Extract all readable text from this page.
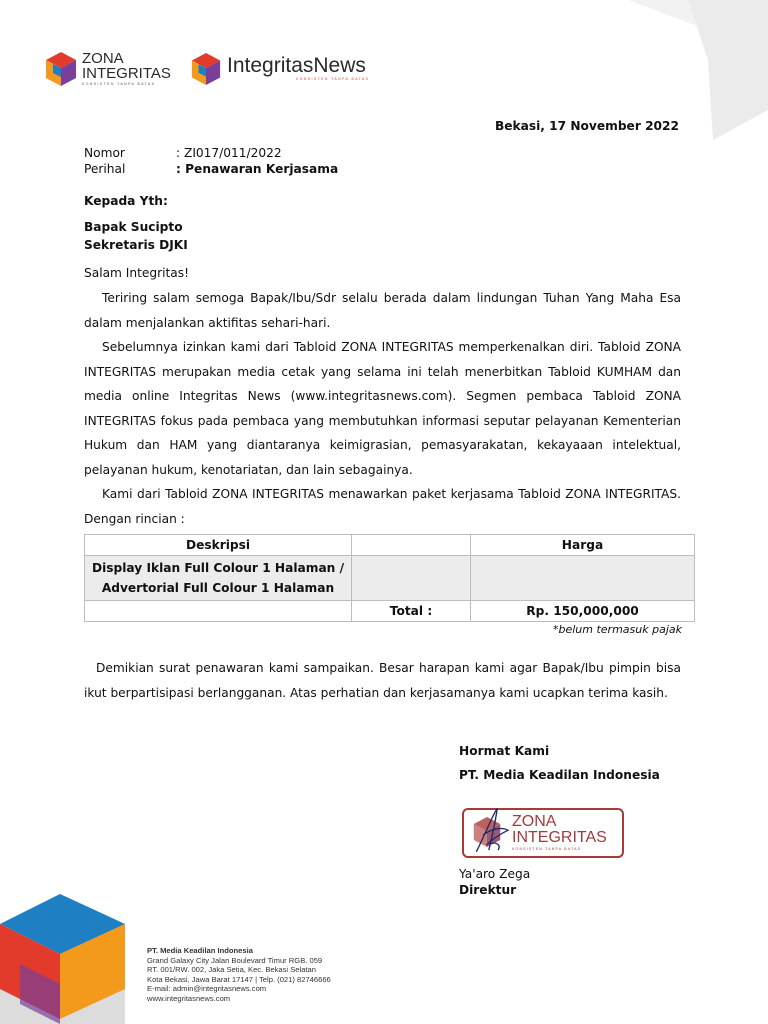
ZONA
INTEGRITAS
KONSISTEN TANPA BATAS
IntegritasNews
KONSISTEN TANPA BATAS
Bekasi, 17 November 2022
Nomor	: ZI017/011/2022
Perihal	: Penawaran Kerjasama
Kepada Yth:
Bapak Sucipto
Sekretaris DJKI
Salam Integritas!
Teriring salam semoga Bapak/Ibu/Sdr selalu berada dalam lindungan Tuhan Yang Maha Esa dalam menjalankan aktifitas sehari-hari.
Sebelumnya izinkan kami dari Tabloid ZONA INTEGRITAS memperkenalkan diri. Tabloid ZONA INTEGRITAS merupakan media cetak yang selama ini telah menerbitkan Tabloid KUMHAM dan media online Integritas News (www.integritasnews.com). Segmen pembaca Tabloid ZONA INTEGRITAS fokus pada pembaca yang membutuhkan informasi seputar pelayanan Kementerian Hukum dan HAM yang diantaranya keimigrasian, pemasyarakatan, kekayaaan intelektual, pelayanan hukum, kenotariatan, dan lain sebagainya.
Kami dari Tabloid ZONA INTEGRITAS menawarkan paket kerjasama Tabloid ZONA INTEGRITAS. Dengan rincian :
Deskripsi		Harga

Display Iklan Full Colour 1 Halaman /
Advertorial Full Colour 1 Halaman		

	Total :	Rp. 150,000,000
*belum termasuk pajak
Demikian surat penawaran kami sampaikan. Besar harapan kami agar Bapak/Ibu pimpin bisa ikut berpartisipasi berlangganan. Atas perhatian dan kerjasamanya kami ucapkan terima kasih.
Hormat Kami
PT. Media Keadilan Indonesia
ZONA
INTEGRITAS
KONSISTEN TANPA BATAS
Ya'aro Zega
Direktur
PT. Media Keadilan Indonesia
Grand Galaxy City Jalan Boulevard Timur RGB. 059
RT. 001/RW. 002, Jaka Setia, Kec. Bekasi Selatan
Kota Bekasi, Jawa Barat 17147 | Telp. (021) 82746666
E-mail: admin@integritasnews.com
www.integritasnews.com
